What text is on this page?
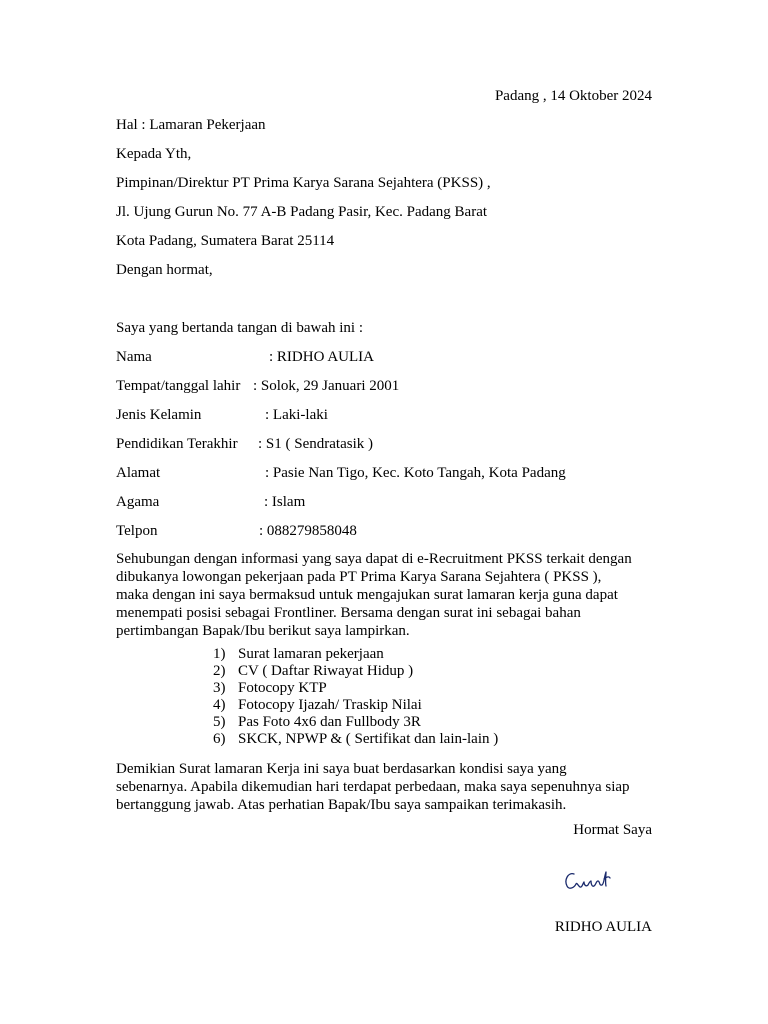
Padang , 14 Oktober 2024
Hal : Lamaran Pekerjaan
Kepada Yth,
Pimpinan/Direktur PT Prima Karya Sarana Sejahtera (PKSS) ,
Jl. Ujung Gurun No. 77 A-B Padang Pasir, Kec. Padang Barat
Kota Padang, Sumatera Barat 25114
Dengan hormat,
Saya yang bertanda tangan di bawah ini :
Nama	: RIDHO AULIA
Tempat/tanggal lahir : Solok, 29 Januari 2001
Jenis Kelamin	: Laki-laki
Pendidikan Terakhir : S1 ( Sendratasik )
Alamat	: Pasie Nan Tigo, Kec. Koto Tangah, Kota Padang
Agama	: Islam
Telpon	: 088279858048
Sehubungan dengan informasi yang saya dapat di e-Recruitment PKSS terkait dengan
dibukanya lowongan pekerjaan pada PT Prima Karya Sarana Sejahtera ( PKSS ),
maka dengan ini saya bermaksud untuk mengajukan surat lamaran kerja guna dapat
menempati posisi sebagai Frontliner. Bersama dengan surat ini sebagai bahan
pertimbangan Bapak/Ibu berikut saya lampirkan.
1) Surat lamaran pekerjaan
2) CV ( Daftar Riwayat Hidup )
3) Fotocopy KTP
4) Fotocopy Ijazah/ Traskip Nilai
5) Pas Foto 4x6 dan Fullbody 3R
6) SKCK, NPWP & ( Sertifikat dan lain-lain )
Demikian Surat lamaran Kerja ini saya buat berdasarkan kondisi saya yang
sebenarnya. Apabila dikemudian hari terdapat perbedaan, maka saya sepenuhnya siap
bertanggung jawab. Atas perhatian Bapak/Ibu saya sampaikan terimakasih.
Hormat Saya
RIDHO AULIA
